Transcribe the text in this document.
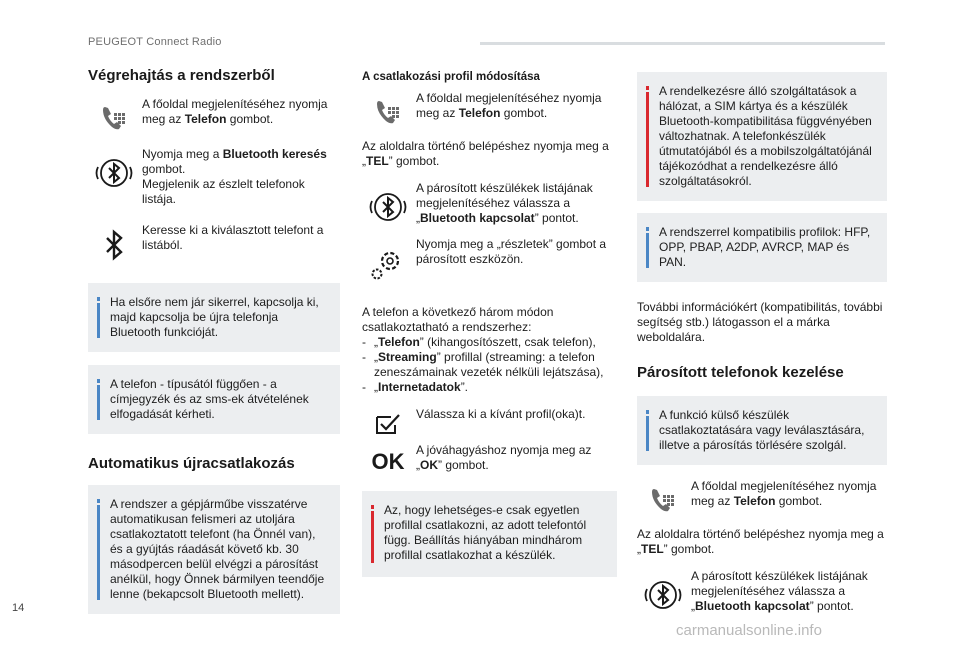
PEUGEOT Connect Radio
Végrehajtás a rendszerből

A főoldal megjelenítéséhez nyomja meg az Telefon gombot.

Nyomja meg a Bluetooth keresés gombot.
Megjelenik az észlelt telefonok listája.

Keresse ki a kiválasztott telefont a listából.

Ha elsőre nem jár sikerrel, kapcsolja ki, majd kapcsolja be újra telefonja Bluetooth funkcióját.

A telefon - típusától függően - a címjegyzék és az sms-ek átvételének elfogadását kérheti.

Automatikus újracsatlakozás

A rendszer a gépjárműbe visszatérve automatikusan felismeri az utoljára csatlakoztatott telefont (ha Önnél van), és a gyújtás ráadását követő kb. 30 másodpercen belül elvégzi a párosítást anélkül, hogy Önnek bármilyen teendője lenne (bekapcsolt Bluetooth mellett).

A csatlakozási profil módosítása

A főoldal megjelenítéséhez nyomja meg az Telefon gombot.

Az aloldalra történő belépéshez nyomja meg a „TEL” gombot.

A párosított készülékek listájának megjelenítéséhez válassza a „Bluetooth kapcsolat” pontot.

Nyomja meg a „részletek” gombot a párosított eszközön.

A telefon a következő három módon csatlakoztatható a rendszerhez:

- „Telefon” (kihangosítószett, csak telefon),
- „Streaming” profillal (streaming: a telefon zeneszámainak vezeték nélküli lejátszása),
- „Internetadatok”.

Válassza ki a kívánt profil(oka)t.

OK A jóváhagyáshoz nyomja meg az „OK” gombot.

Az, hogy lehetséges-e csak egyetlen profillal csatlakozni, az adott telefontól függ. Beállítás hiányában mindhárom profillal csatlakozhat a készülék.

A rendelkezésre álló szolgáltatások a hálózat, a SIM kártya és a készülék Bluetooth-kompatibilitása függvényében változhatnak. A telefonkészülék útmutatójából és a mobilszolgáltatójánál tájékozódhat a rendelkezésre álló szolgáltatásokról.

A rendszerrel kompatibilis profilok: HFP, OPP, PBAP, A2DP, AVRCP, MAP és PAN.

További információkért (kompatibilitás, további segítség stb.) látogasson el a márka weboldalára.

Párosított telefonok kezelése

A funkció külső készülék csatlakoztatására vagy leválasztására, illetve a párosítás törlésére szolgál.

A főoldal megjelenítéséhez nyomja meg az Telefon gombot.

Az aloldalra történő belépéshez nyomja meg a „TEL” gombot.

A párosított készülékek listájának megjelenítéséhez válassza a „Bluetooth kapcsolat” pontot.

14
carmanualsonline.info
